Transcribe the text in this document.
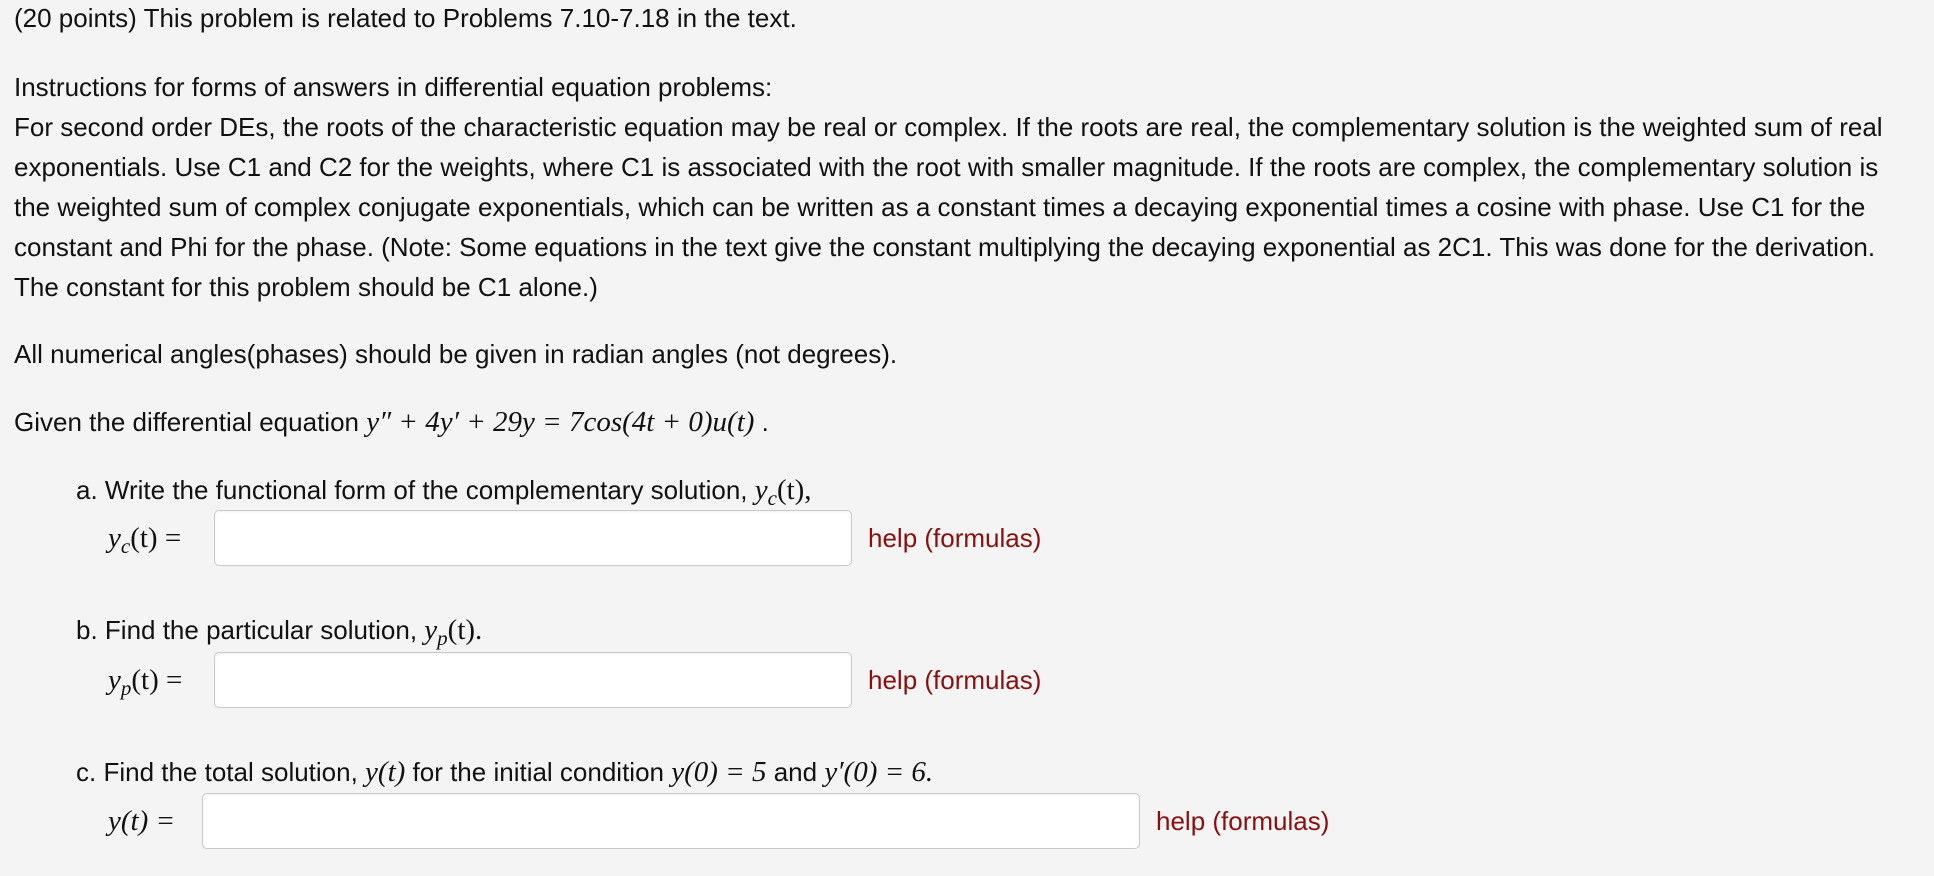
(20 points) This problem is related to Problems 7.10-7.18 in the text.

Instructions for forms of answers in differential equation problems:

For second order DEs, the roots of the characteristic equation may be real or complex. If the roots are real, the complementary solution is the weighted sum of real exponentials. Use C1 and C2 for the weights, where C1 is associated with the root with smaller magnitude. If the roots are complex, the complementary solution is the weighted sum of complex conjugate exponentials, which can be written as a constant times a decaying exponential times a cosine with phase. Use C1 for the constant and Phi for the phase. (Note: Some equations in the text give the constant multiplying the decaying exponential as 2C1. This was done for the derivation. The constant for this problem should be C1 alone.)

All numerical angles(phases) should be given in radian angles (not degrees).

Given the differential equation y″ + 4y′ + 29y = 7cos(4t + 0)u(t) .

a. Write the functional form of the complementary solution, $y_c(t)$,

$y_c(t)$ =	help (formulas)

b. Find the particular solution, $y_p(t)$.

$y_p(t)$ =	help (formulas)

c. Find the total solution, y(t) for the initial condition y(0) = 5 and y′(0) = 6.

y(t) =	help (formulas)
